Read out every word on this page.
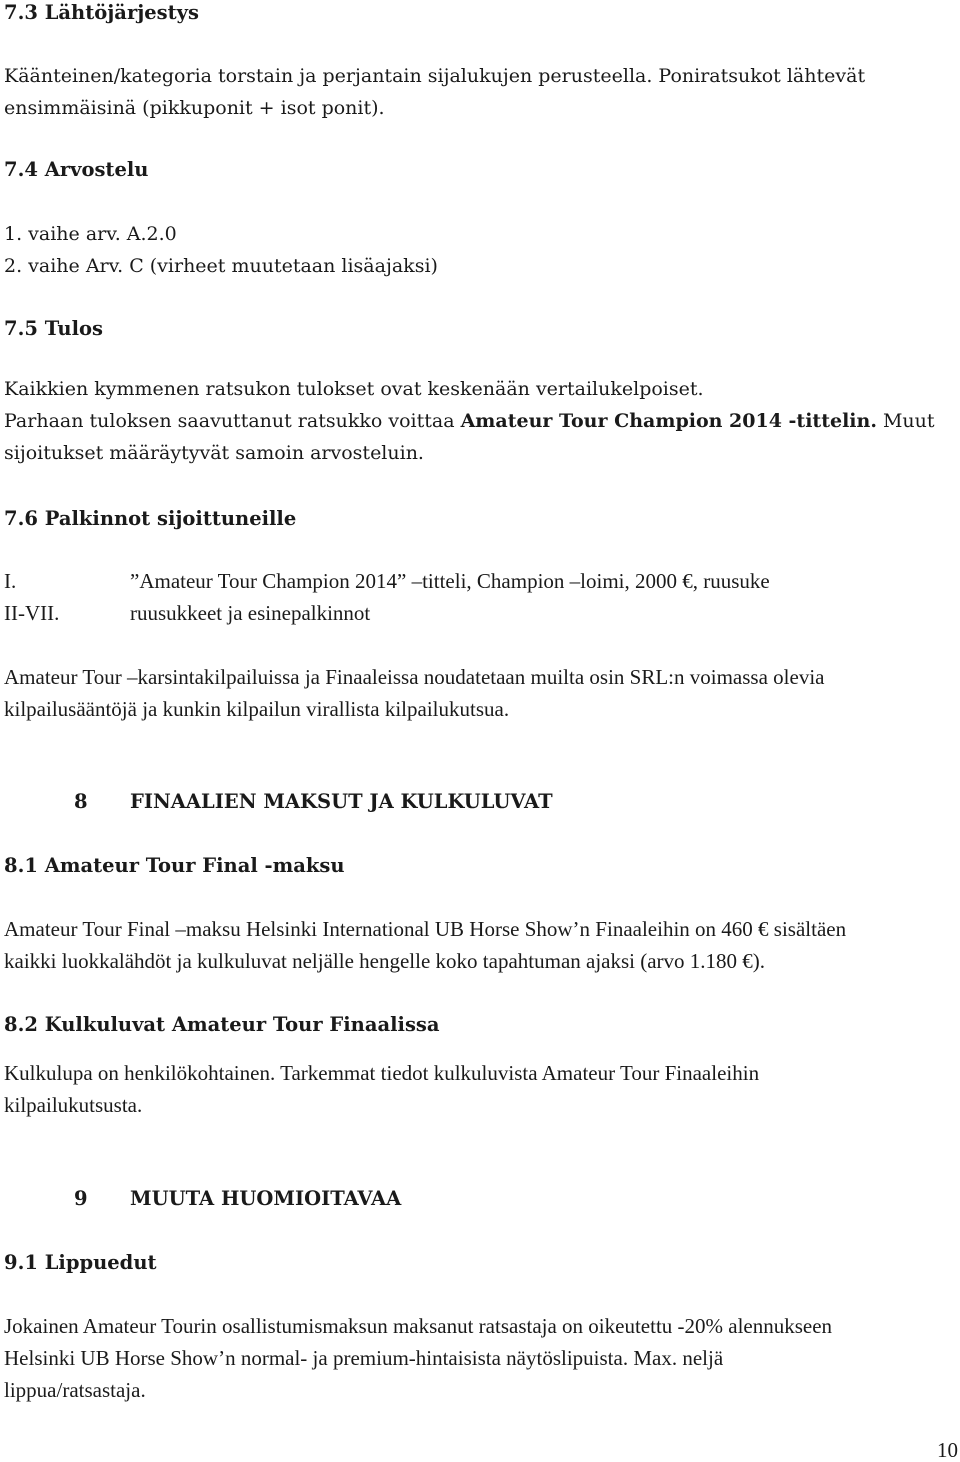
7.3 Lähtöjärjestys
Käänteinen/kategoria torstain ja perjantain sijalukujen perusteella. Poniratsukot lähtevät
ensimmäisinä (pikkuponit + isot ponit).
7.4 Arvostelu
1. vaihe arv. A.2.0
2. vaihe Arv. C (virheet muutetaan lisäajaksi)
7.5 Tulos
Kaikkien kymmenen ratsukon tulokset ovat keskenään vertailukelpoiset.
Parhaan tuloksen saavuttanut ratsukko voittaa Amateur Tour Champion 2014 -tittelin. Muut
sijoitukset määräytyvät samoin arvosteluin.
7.6 Palkinnot sijoittuneille
I.	”Amateur Tour Champion 2014” –titteli, Champion –loimi, 2000 €, ruusuke
II-VII.	ruusukkeet ja esinepalkinnot
Amateur Tour –karsintakilpailuissa ja Finaaleissa noudatetaan muilta osin SRL:n voimassa olevia
kilpailusääntöjä ja kunkin kilpailun virallista kilpailukutsua.
8 FINAALIEN MAKSUT JA KULKULUVAT
8.1 Amateur Tour Final -maksu
Amateur Tour Final –maksu Helsinki International UB Horse Show’n Finaaleihin on 460 € sisältäen
kaikki luokkalähdöt ja kulkuluvat neljälle hengelle koko tapahtuman ajaksi (arvo 1.180 €).
8.2 Kulkuluvat Amateur Tour Finaalissa
Kulkulupa on henkilökohtainen. Tarkemmat tiedot kulkuluvista Amateur Tour Finaaleihin
kilpailukutsusta.
9 MUUTA HUOMIOITAVAA
9.1 Lippuedut
Jokainen Amateur Tourin osallistumismaksun maksanut ratsastaja on oikeutettu -20% alennukseen
Helsinki UB Horse Show’n normal- ja premium-hintaisista näytöslipuista. Max. neljä
lippua/ratsastaja.
10
